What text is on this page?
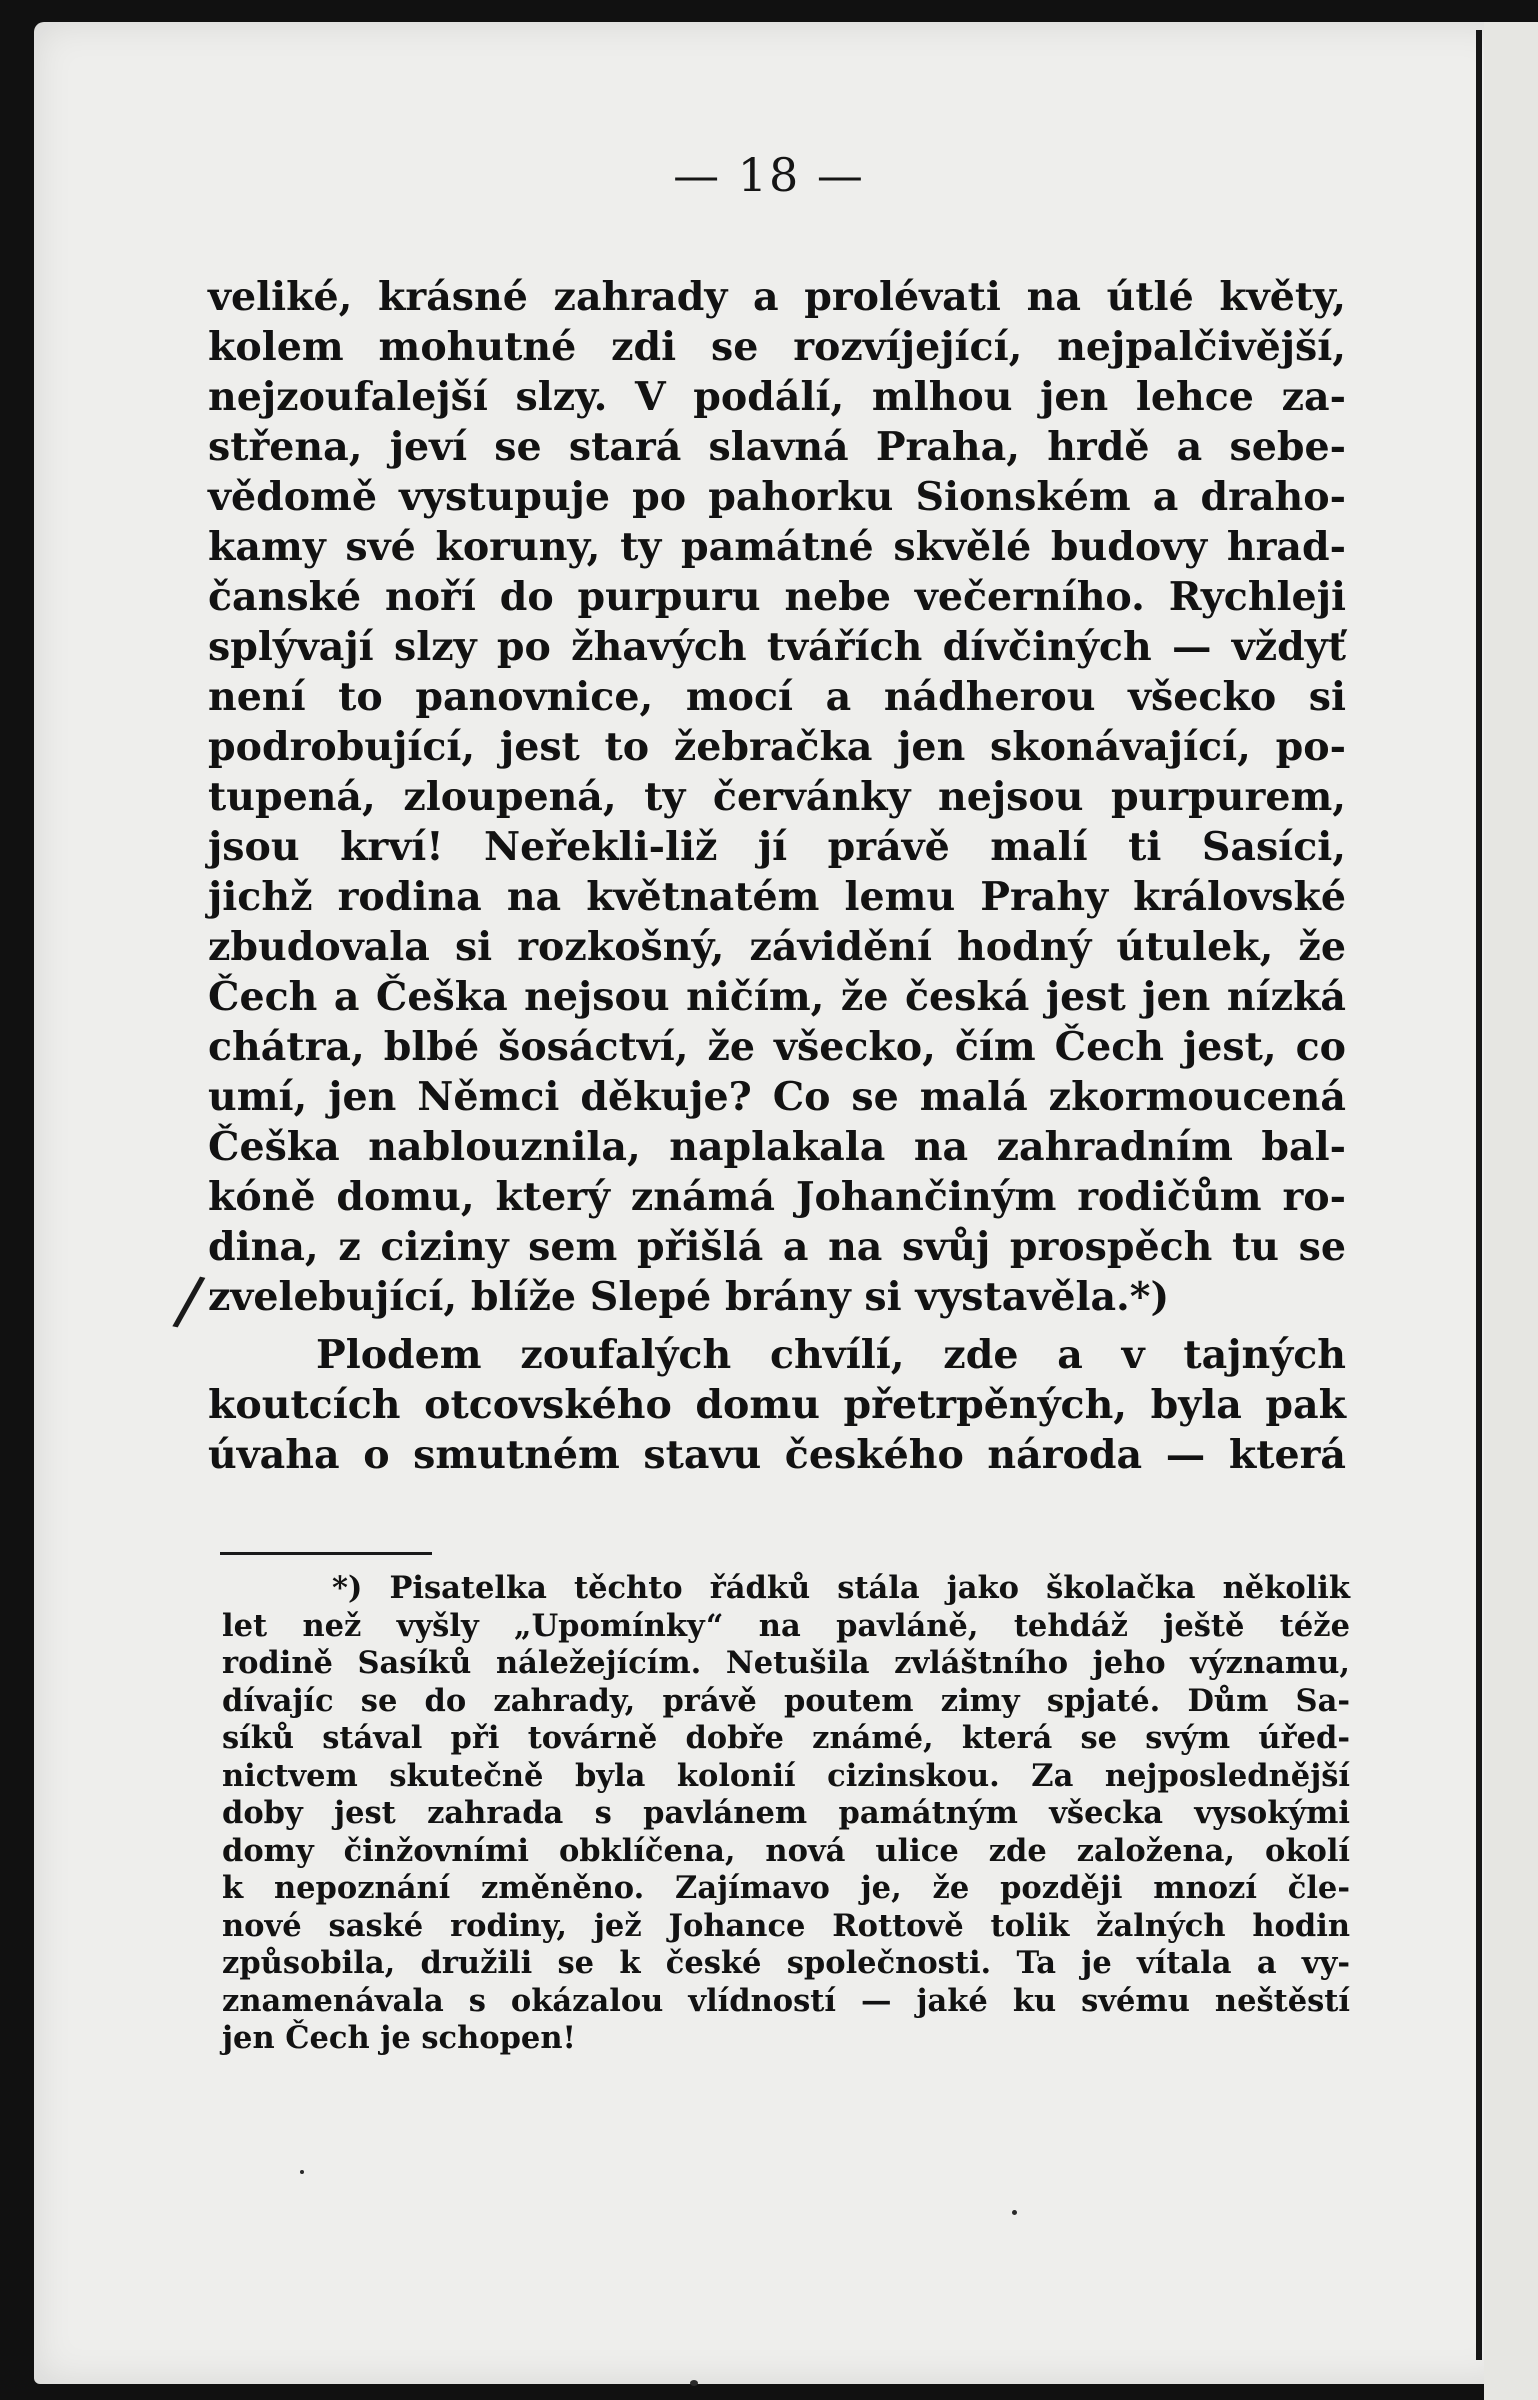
— 18 —
veliké, krásné zahrady a prolévati na útlé květy,
kolem mohutné zdi se rozvíjející, nejpalčivější,
nejzoufalejší slzy. V podálí, mlhou jen lehce za-
střena, jeví se stará slavná Praha, hrdě a sebe-
vědomě vystupuje po pahorku Sionském a draho-
kamy své koruny, ty památné skvělé budovy hrad-
čanské noří do purpuru nebe večerního. Rychleji
splývají slzy po žhavých tvářích dívčiných — vždyť
není to panovnice, mocí a nádherou všecko si
podrobující, jest to žebračka jen skonávající, po-
tupená, zloupená, ty červánky nejsou purpurem,
jsou krví! Neřekli-liž jí právě malí ti Sasíci,
jichž rodina na květnatém lemu Prahy královské
zbudovala si rozkošný, závidění hodný útulek, že
Čech a Češka nejsou ničím, že česká jest jen nízká
chátra, blbé šosáctví, že všecko, čím Čech jest, co
umí, jen Němci děkuje? Co se malá zkormoucená
Češka nablouznila, naplakala na zahradním bal-
kóně domu, který známá Johančiným rodičům ro-
dina, z ciziny sem přišlá a na svůj prospěch tu se
zvelebující, blíže Slepé brány si vystavěla.*)
Plodem zoufalých chvílí, zde a v tajných
koutcích otcovského domu přetrpěných, byla pak
úvaha o smutném stavu českého národa — která
/
*) Pisatelka těchto řádků stála jako školačka několik
let než vyšly „Upomínky“ na pavláně, tehdáž ještě téže
rodině Sasíků náležejícím. Netušila zvláštního jeho významu,
dívajíc se do zahrady, právě poutem zimy spjaté. Dům Sa-
síků stával při továrně dobře známé, která se svým úřed-
nictvem skutečně byla kolonií cizinskou. Za nejposlednější
doby jest zahrada s pavlánem památným všecka vysokými
domy činžovními obklíčena, nová ulice zde založena, okolí
k nepoznání změněno. Zajímavo je, že později mnozí čle-
nové saské rodiny, jež Johance Rottově tolik žalných hodin
způsobila, družili se k české společnosti. Ta je vítala a vy-
znamenávala s okázalou vlídností — jaké ku svému neštěstí
jen Čech je schopen!
